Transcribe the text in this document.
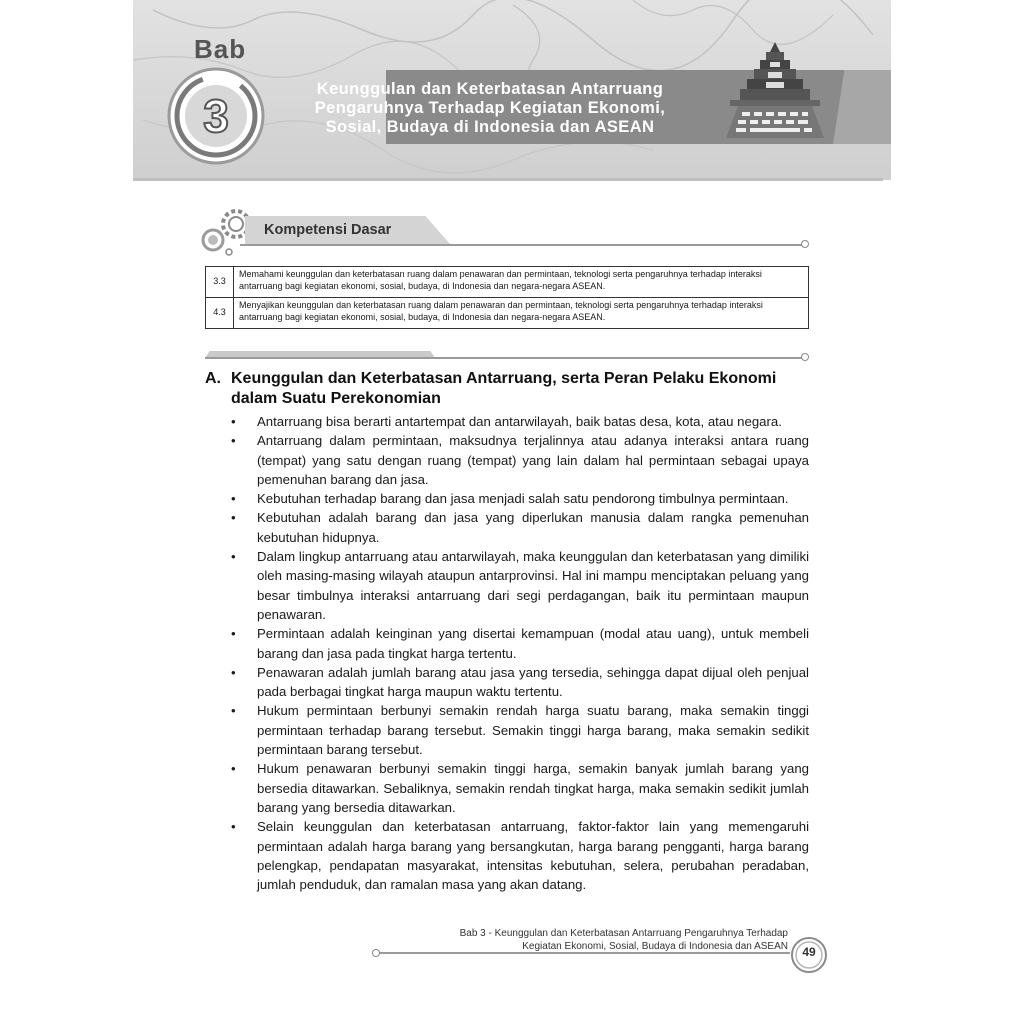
Bab
3
Keunggulan dan Keterbatasan Antarruang
Pengaruhnya Terhadap Kegiatan Ekonomi,
Sosial, Budaya di Indonesia dan ASEAN
Kompetensi Dasar
3.3	Memahami keunggulan dan keterbatasan ruang dalam penawaran dan permintaan, teknologi serta pengaruhnya terhadap interaksi antarruang bagi kegiatan ekonomi, sosial, budaya, di Indonesia dan negara-negara ASEAN.
4.3	Menyajikan keunggulan dan keterbatasan ruang dalam penawaran dan permintaan, teknologi serta pengaruhnya terhadap interaksi antarruang bagi kegiatan ekonomi, sosial, budaya, di Indonesia dan negara-negara ASEAN.
A. Keunggulan dan Keterbatasan Antarruang, serta Peran Pelaku Ekonomi dalam Suatu Perekonomian
• Antarruang bisa berarti antartempat dan antarwilayah, baik batas desa, kota, atau negara.
• Antarruang dalam permintaan, maksudnya terjalinnya atau adanya interaksi antara ruang (tempat) yang satu dengan ruang (tempat) yang lain dalam hal permintaan sebagai upaya pemenuhan barang dan jasa.
• Kebutuhan terhadap barang dan jasa menjadi salah satu pendorong timbulnya permintaan.
• Kebutuhan adalah barang dan jasa yang diperlukan manusia dalam rangka pemenuhan kebutuhan hidupnya.
• Dalam lingkup antarruang atau antarwilayah, maka keunggulan dan keterbatasan yang dimiliki oleh masing-masing wilayah ataupun antarprovinsi. Hal ini mampu menciptakan peluang yang besar timbulnya interaksi antarruang dari segi perdagangan, baik itu permintaan maupun penawaran.
• Permintaan adalah keinginan yang disertai kemampuan (modal atau uang), untuk membeli barang dan jasa pada tingkat harga tertentu.
• Penawaran adalah jumlah barang atau jasa yang tersedia, sehingga dapat dijual oleh penjual pada berbagai tingkat harga maupun waktu tertentu.
• Hukum permintaan berbunyi semakin rendah harga suatu barang, maka semakin tinggi permintaan terhadap barang tersebut. Semakin tinggi harga barang, maka semakin sedikit permintaan barang tersebut.
• Hukum penawaran berbunyi semakin tinggi harga, semakin banyak jumlah barang yang bersedia ditawarkan. Sebaliknya, semakin rendah tingkat harga, maka semakin sedikit jumlah barang yang bersedia ditawarkan.
• Selain keunggulan dan keterbatasan antarruang, faktor-faktor lain yang memengaruhi permintaan adalah harga barang yang bersangkutan, harga barang pengganti, harga barang pelengkap, pendapatan masyarakat, intensitas kebutuhan, selera, perubahan peradaban, jumlah penduduk, dan ramalan masa yang akan datang.
Bab 3 - Keunggulan dan Keterbatasan Antarruang Pengaruhnya Terhadap
Kegiatan Ekonomi, Sosial, Budaya di Indonesia dan ASEAN	49
